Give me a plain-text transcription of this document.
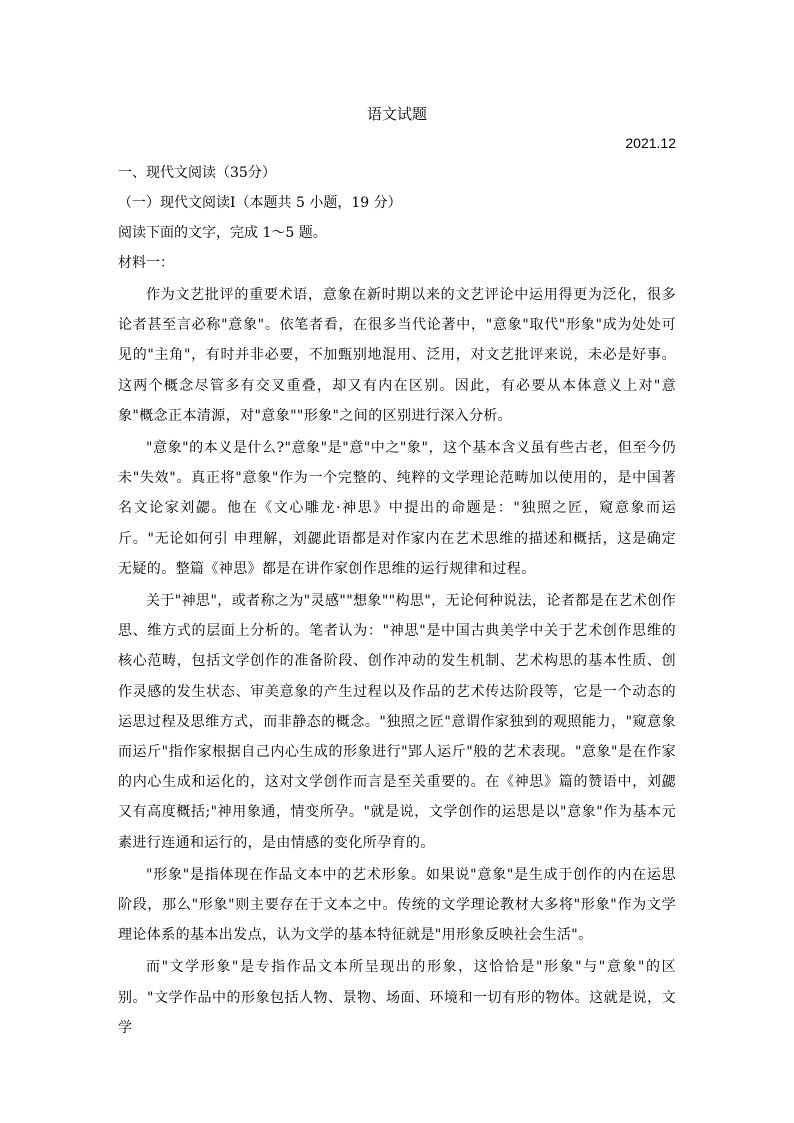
语文试题

2021.12

一、现代文阅读（35分）

（一）现代文阅读Ⅰ（本题共 5 小题，19 分）

阅读下面的文字，完成 1～5 题。

材料一：

作为文艺批评的重要术语，意象在新时期以来的文艺评论中运用得更为泛化，很多论者甚至言必称"意象"。依笔者看，在很多当代论著中，"意象"取代"形象"成为处处可见的"主角"，有时并非必要，不加甄别地混用、泛用，对文艺批评来说，未必是好事。这两个概念尽管多有交叉重叠，却又有内在区别。因此，有必要从本体意义上对"意象"概念正本清源，对"意象""形象"之间的区别进行深入分析。

"意象"的本义是什么?"意象"是"意"中之"象"，这个基本含义虽有些古老，但至今仍未"失效"。真正将"意象"作为一个完整的、纯粹的文学理论范畴加以使用的，是中国著名文论家刘勰。他在《文心雕龙·神思》中提出的命题是："独照之匠，窥意象而运斤。"无论如何引 申理解，刘勰此语都是对作家内在艺术思维的描述和概括，这是确定无疑的。整篇《神思》都是在讲作家创作思维的运行规律和过程。

关于"神思"，或者称之为"灵感""想象""构思"，无论何种说法，论者都是在艺术创作思、维方式的层面上分析的。笔者认为："神思"是中国古典美学中关于艺术创作思维的核心范畴，包括文学创作的准备阶段、创作冲动的发生机制、艺术构思的基本性质、创作灵感的发生状态、审美意象的产生过程以及作品的艺术传达阶段等，它是一个动态的运思过程及思维方式，而非静态的概念。"独照之匠"意谓作家独到的观照能力，"窥意象而运斤"指作家根据自己内心生成的形象进行"郢人运斤"般的艺术表现。"意象"是在作家的内心生成和运化的，这对文学创作而言是至关重要的。在《神思》篇的赞语中，刘勰又有高度概括;"神用象通，情变所孕。"就是说，文学创作的运思是以"意象"作为基本元素进行连通和运行的，是由情感的变化所孕育的。

"形象"是指体现在作品文本中的艺术形象。如果说"意象"是生成于创作的内在运思阶段，那么"形象"则主要存在于文本之中。传统的文学理论教材大多将"形象"作为文学理论体系的基本出发点，认为文学的基本特征就是"用形象反映社会生活"。

而"文学形象"是专指作品文本所呈现出的形象，这恰恰是"形象"与"意象"的区别。"文学作品中的形象包括人物、景物、场面、环境和一切有形的物体。这就是说，文学
